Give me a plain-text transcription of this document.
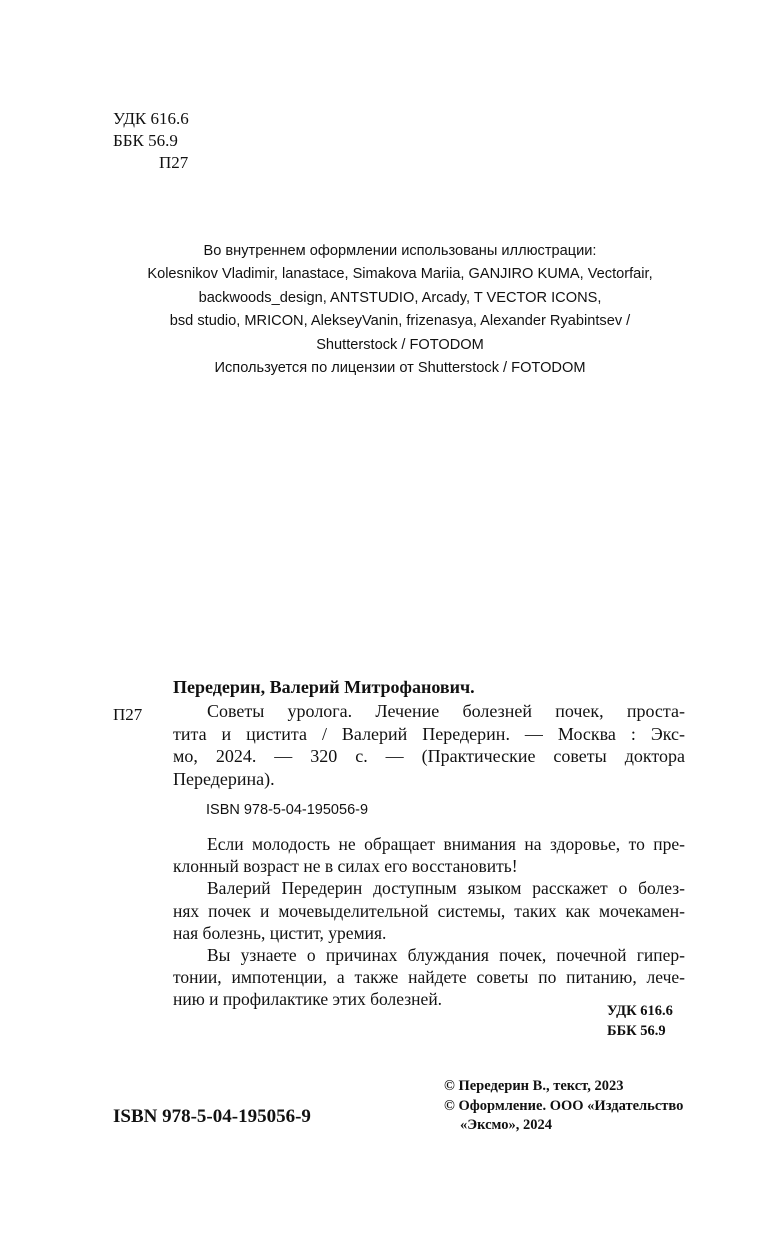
УДК 616.6
ББК 56.9
П27
Во внутреннем оформлении использованы иллюстрации:
Kolesnikov Vladimir, lanastace, Simakova Mariia, GANJIRO KUMA, Vectorfair,
backwoods_design, ANTSTUDIO, Arcady, T VECTOR ICONS,
bsd studio, MRICON, AlekseyVanin, frizenasya, Alexander Ryabintsev /
Shutterstock / FOTODOM
Используется по лицензии от Shutterstock / FOTODOM
Передерин, Валерий Митрофанович.
П27	Советы уролога. Лечение болезней почек, проста-
тита и цистита / Валерий Передерин. — Москва : Экс-
мо, 2024. — 320 с. — (Практические советы доктора
Передерина).
ISBN 978-5-04-195056-9
Если молодость не обращает внимания на здоровье, то пре-
клонный возраст не в силах его восстановить!
Валерий Передерин доступным языком расскажет о болез-
нях почек и мочевыделительной системы, таких как мочекамен-
ная болезнь, цистит, уремия.
Вы узнаете о причинах блуждания почек, почечной гипер-
тонии, импотенции, а также найдете советы по питанию, лече-
нию и профилактике этих болезней.
УДК 616.6
ББК 56.9
ISBN 978-5-04-195056-9
© Передерин В., текст, 2023
© Оформление. ООО «Издательство
«Эксмо», 2024
